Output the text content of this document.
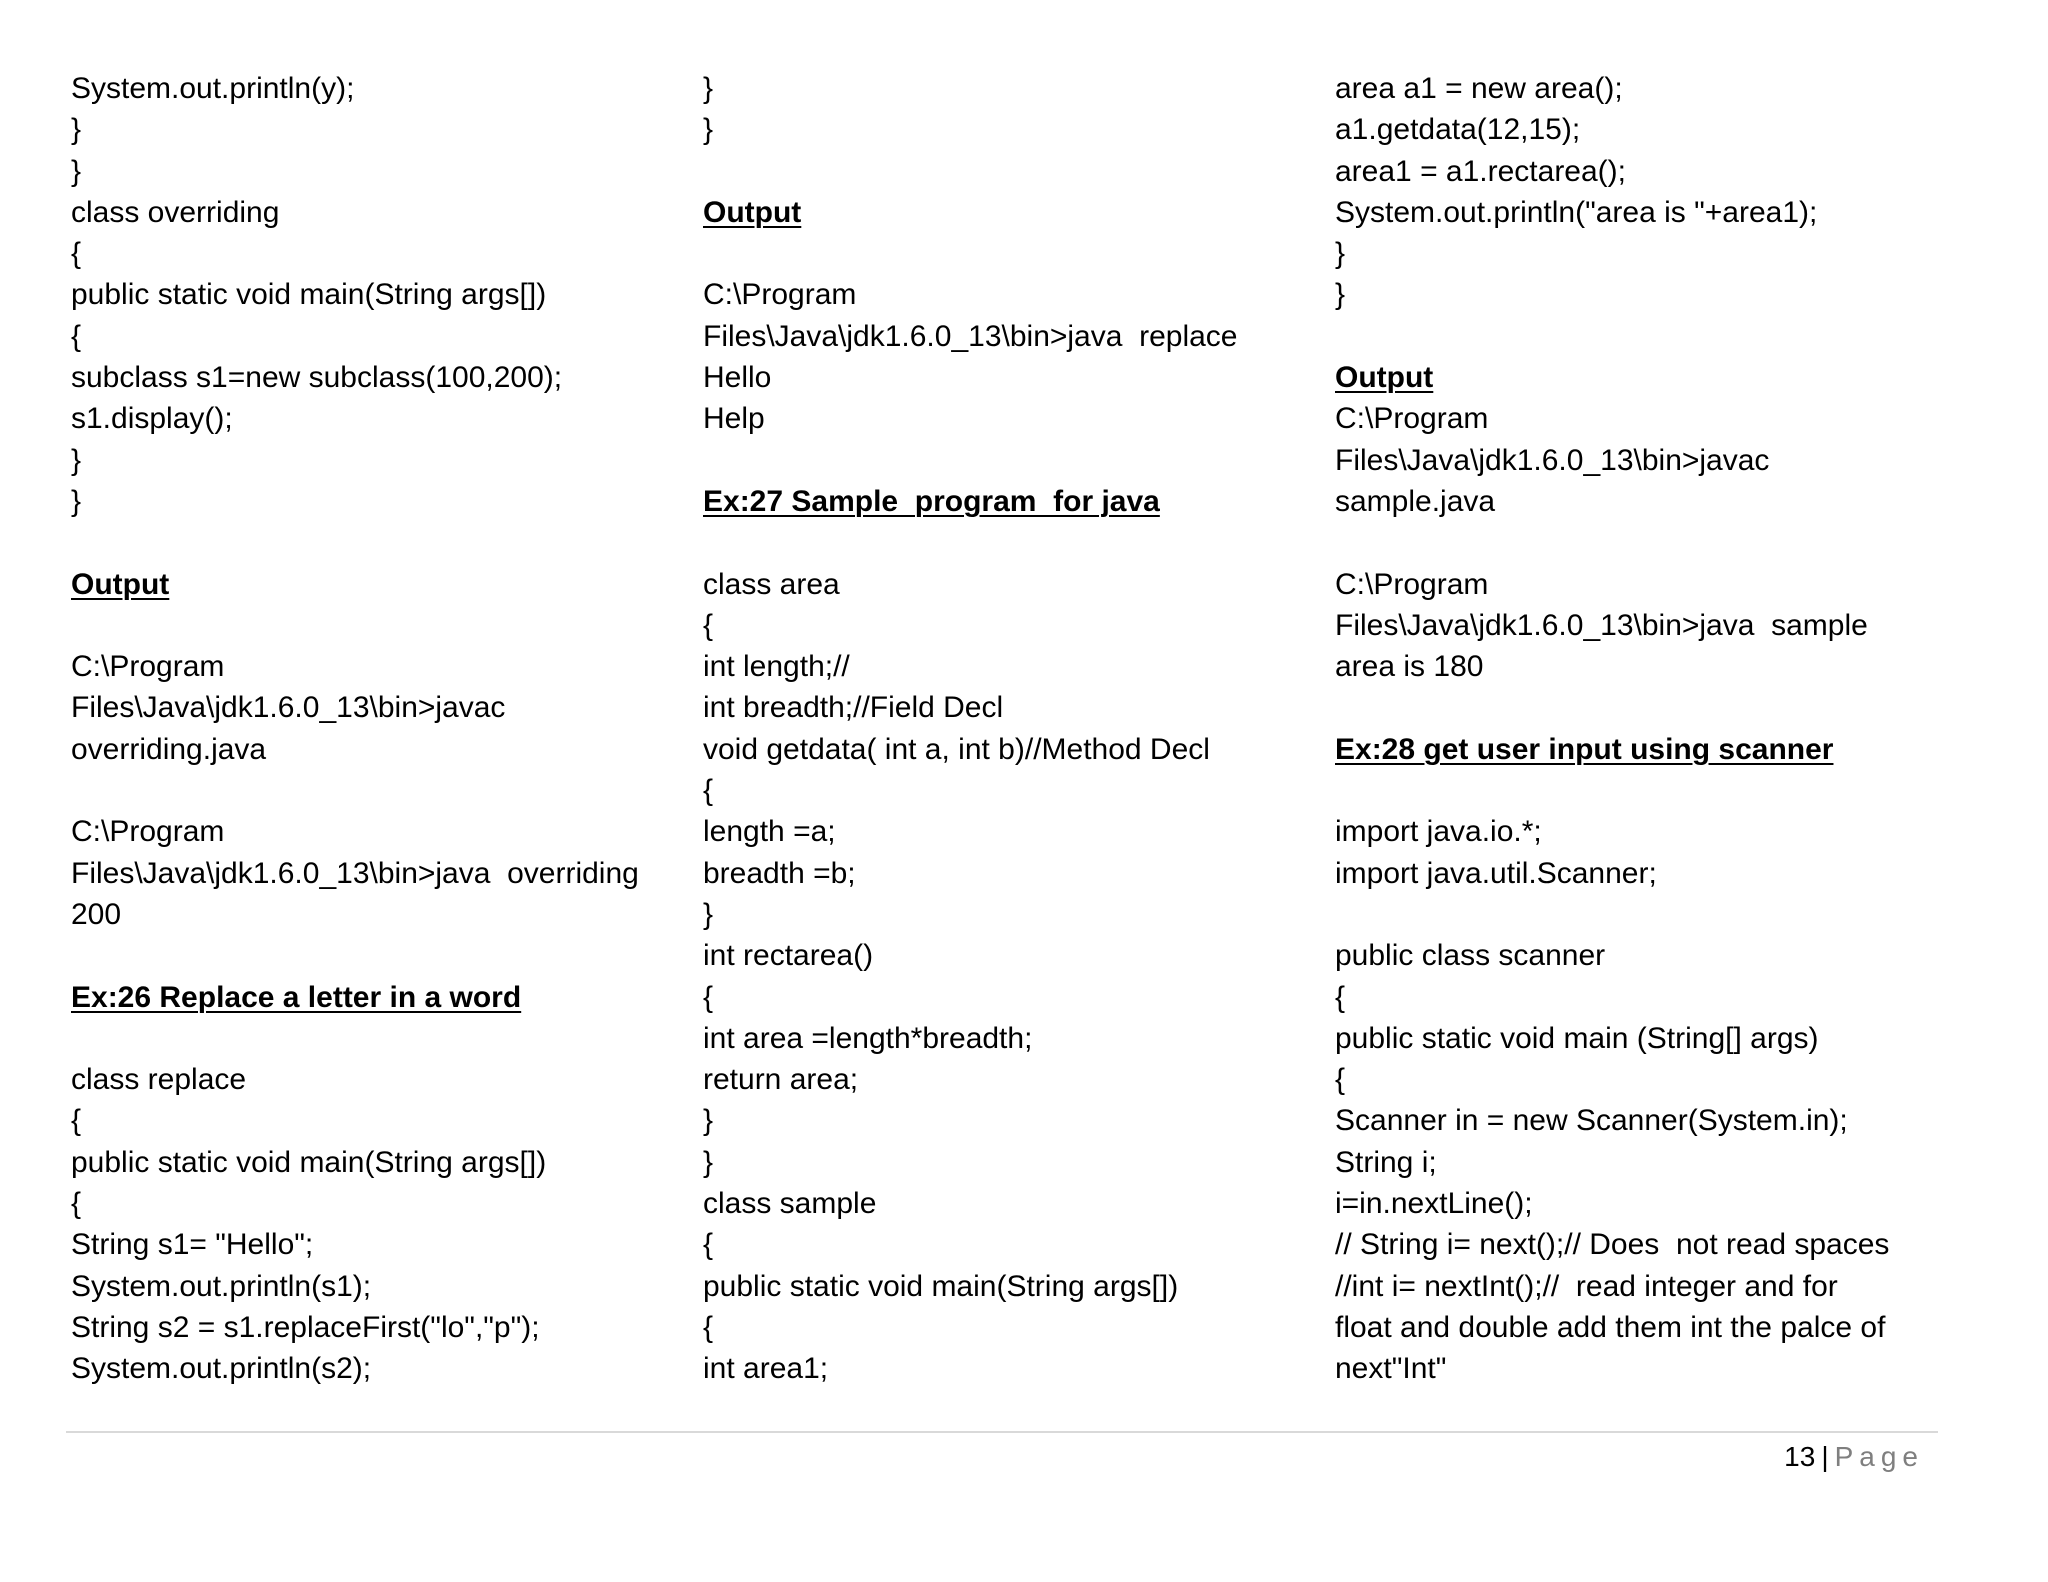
System.out.println(y);
}
}
class overriding
{
public static void main(String args[])
{
subclass s1=new subclass(100,200);
s1.display();
}
}
Output
C:\Program
Files\Java\jdk1.6.0_13\bin>javac
overriding.java
C:\Program
Files\Java\jdk1.6.0_13\bin>java  overriding
200
Ex:26 Replace a letter in a word
class replace
{
public static void main(String args[])
{
String s1= "Hello";
System.out.println(s1);
String s2 = s1.replaceFirst("lo","p");
System.out.println(s2);
}
}
Output
C:\Program
Files\Java\jdk1.6.0_13\bin>java  replace
Hello
Help
Ex:27 Sample  program  for java
class area
{
int length;//
int breadth;//Field Decl
void getdata( int a, int b)//Method Decl
{
length =a;
breadth =b;
}
int rectarea()
{
int area =length*breadth;
return area;
}
}
class sample
{
public static void main(String args[])
{
int area1;
area a1 = new area();
a1.getdata(12,15);
area1 = a1.rectarea();
System.out.println("area is "+area1);
}
}
Output
C:\Program
Files\Java\jdk1.6.0_13\bin>javac
sample.java
C:\Program
Files\Java\jdk1.6.0_13\bin>java  sample
area is 180
Ex:28 get user input using scanner
import java.io.*;
import java.util.Scanner;
public class scanner
{
public static void main (String[] args)
{
Scanner in = new Scanner(System.in);
String i;
i=in.nextLine();
// String i= next();// Does  not read spaces
//int i= nextInt();//  read integer and for
float and double add them int the palce of
next"Int"
13 | Page
